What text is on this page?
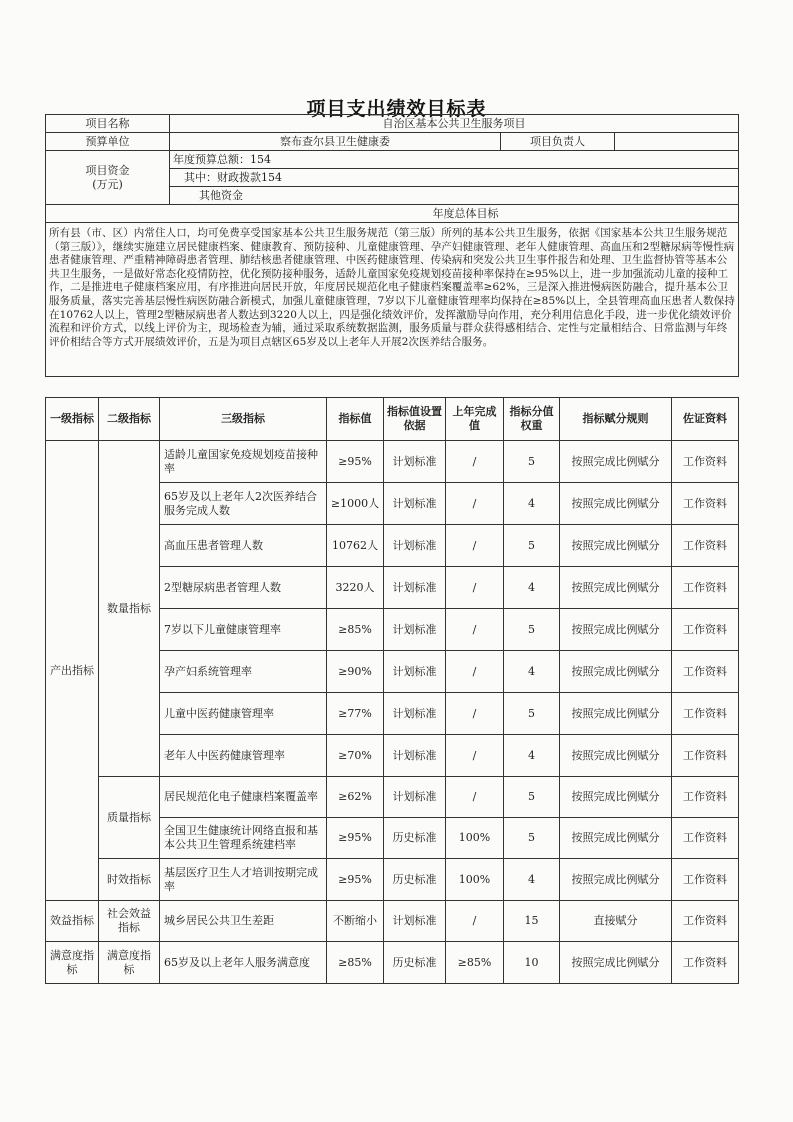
项目支出绩效目标表
项目名称	自治区基本公共卫生服务项目		
预算单位	察布查尔县卫生健康委	项目负责人	
项目资金
(万元)	年度预算总额：154		
	其中：财政拨款154		
	其他资金		
年度总体目标			
所有县（市、区）内常住人口，均可免费享受国家基本公共卫生服务规范（第三版）所列的基本公共卫生服务，依据《国家基本公共卫生服务规范（第三版）》，继续实施建立居民健康档案、健康教育、预防接种、儿童健康管理、孕产妇健康管理、老年人健康管理、高血压和2型糖尿病等慢性病患者健康管理、严重精神障碍患者管理、肺结核患者健康管理、中医药健康管理、传染病和突发公共卫生事件报告和处理、卫生监督协管等基本公共卫生服务，一是做好常态化疫情防控，优化预防接种服务，适龄儿童国家免疫规划疫苗接种率保持在≥95%以上，进一步加强流动儿童的接种工作，二是推进电子健康档案应用，有序推进向居民开放，年度居民规范化电子健康档案覆盖率≥62%，三是深入推进慢病医防融合，提升基本公卫服务质量，落实完善基层慢性病医防融合新模式，加强儿童健康管理，7岁以下儿童健康管理率均保持在≥85%以上，全县管理高血压患者人数保持在10762人以上，管理2型糖尿病患者人数达到3220人以上，四是强化绩效评价，发挥激励导向作用，充分利用信息化手段，进一步优化绩效评价流程和评价方式，以线上评价为主，现场检查为辅，通过采取系统数据监测，服务质量与群众获得感相结合、定性与定量相结合、日常监测与年终评价相结合等方式开展绩效评价，五是为项目点辖区65岁及以上老年人开展2次医养结合服务。			
一级指标	二级指标	三级指标	指标值	指标值设置依据	上年完成值	指标分值权重	指标赋分规则	佐证资料
产出指标	数量指标	适龄儿童国家免疫规划疫苗接种率	≥95%	计划标准	/	5	按照完成比例赋分	工作资料
		65岁及以上老年人2次医养结合服务完成人数	≥1000人	计划标准	/	4	按照完成比例赋分	工作资料
		高血压患者管理人数	10762人	计划标准	/	5	按照完成比例赋分	工作资料
		2型糖尿病患者管理人数	3220人	计划标准	/	4	按照完成比例赋分	工作资料
		7岁以下儿童健康管理率	≥85%	计划标准	/	5	按照完成比例赋分	工作资料
		孕产妇系统管理率	≥90%	计划标准	/	4	按照完成比例赋分	工作资料
		儿童中医药健康管理率	≥77%	计划标准	/	5	按照完成比例赋分	工作资料
		老年人中医药健康管理率	≥70%	计划标准	/	4	按照完成比例赋分	工作资料
	质量指标	居民规范化电子健康档案覆盖率	≥62%	计划标准	/	5	按照完成比例赋分	工作资料
		全国卫生健康统计网络直报和基本公共卫生管理系统建档率	≥95%	历史标准	100%	5	按照完成比例赋分	工作资料
	时效指标	基层医疗卫生人才培训按期完成率	≥95%	历史标准	100%	4	按照完成比例赋分	工作资料
效益指标	社会效益指标	城乡居民公共卫生差距	不断缩小	计划标准	/	15	直接赋分	工作资料
满意度指标	满意度指标	65岁及以上老年人服务满意度	≥85%	历史标准	≥85%	10	按照完成比例赋分	工作资料
